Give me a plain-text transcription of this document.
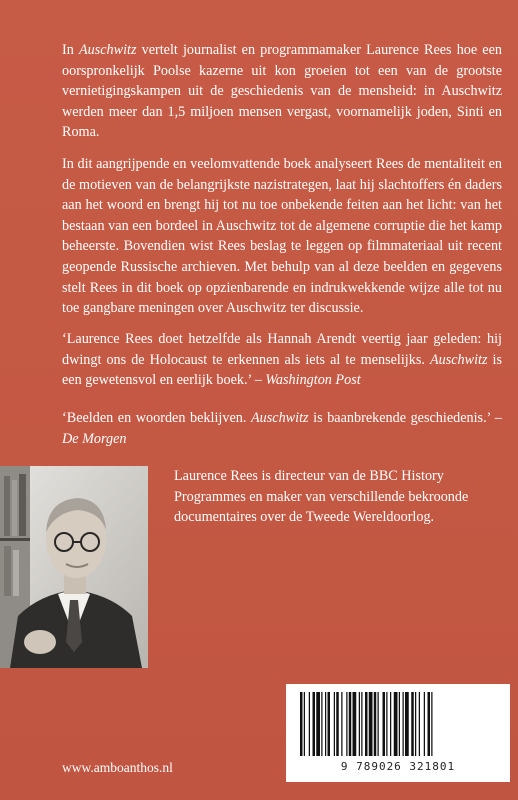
In Auschwitz vertelt journalist en programmamaker Laurence Rees hoe een oorspronkelijk Poolse kazerne uit kon groeien tot een van de grootste vernietigingskampen uit de geschiedenis van de mensheid: in Auschwitz werden meer dan 1,5 miljoen mensen vergast, voornamelijk joden, Sinti en Roma.

In dit aangrijpende en veelomvattende boek analyseert Rees de mentaliteit en de motieven van de belangrijkste nazistrategen, laat hij slachtoffers én daders aan het woord en brengt hij tot nu toe onbekende feiten aan het licht: van het bestaan van een bordeel in Auschwitz tot de algemene corruptie die het kamp beheerste. Bovendien wist Rees beslag te leggen op filmmateriaal uit recent geopende Russische archieven. Met behulp van al deze beelden en gegevens stelt Rees in dit boek op opzienbarende en indrukwekkende wijze alle tot nu toe gangbare meningen over Auschwitz ter discussie.

‘Laurence Rees doet hetzelfde als Hannah Arendt veertig jaar geleden: hij dwingt ons de Holocaust te erkennen als iets al te menselijks. Auschwitz is een gewetensvol en eerlijk boek.’ – Washington Post

‘Beelden en woorden beklijven. Auschwitz is baanbrekende geschiedenis.’ – De Morgen

Laurence Rees is directeur van de BBC History Programmes en maker van verschillende bekroonde documentaires over de Tweede Wereldoorlog.

9 789026 321801
www.amboanthos.nl
